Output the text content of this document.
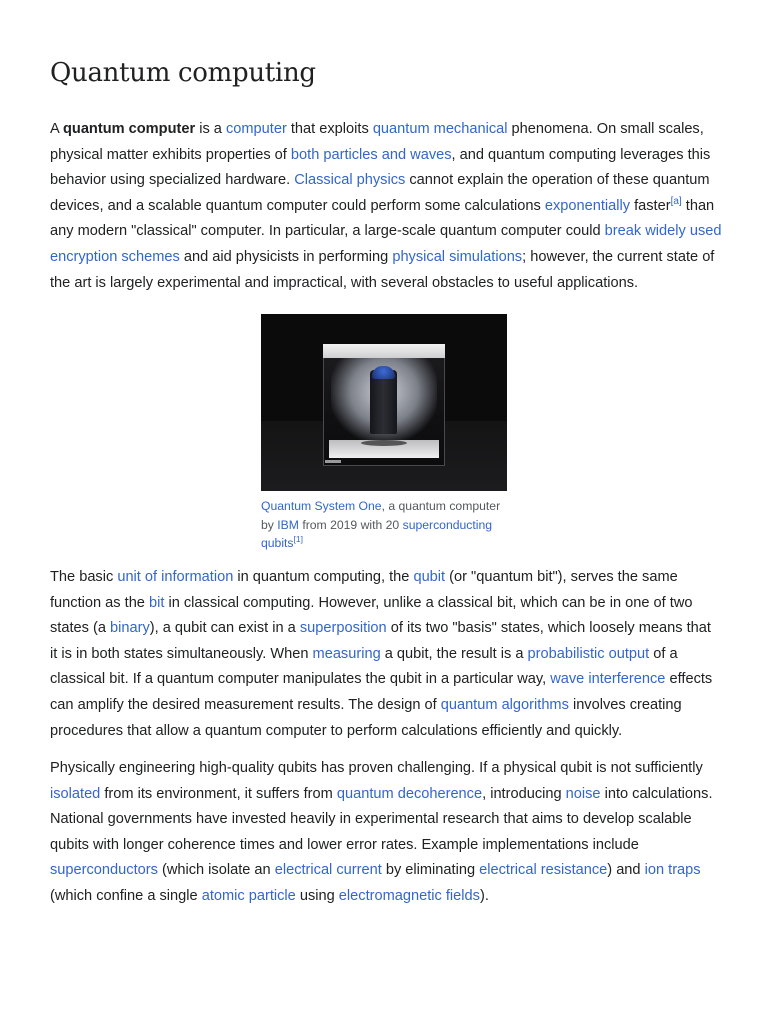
Quantum computing

A quantum computer is a computer that exploits quantum mechanical phenomena. On small scales, physical matter exhibits properties of both particles and waves, and quantum computing leverages this behavior using specialized hardware. Classical physics cannot explain the operation of these quantum devices, and a scalable quantum computer could perform some calculations exponentially faster[a] than any modern "classical" computer. In particular, a large-scale quantum computer could break widely used encryption schemes and aid physicists in performing physical simulations; however, the current state of the art is largely experimental and impractical, with several obstacles to useful applications.

Quantum System One, a quantum computer by IBM from 2019 with 20 superconducting qubits[1]

The basic unit of information in quantum computing, the qubit (or "quantum bit"), serves the same function as the bit in classical computing. However, unlike a classical bit, which can be in one of two states (a binary), a qubit can exist in a superposition of its two "basis" states, which loosely means that it is in both states simultaneously. When measuring a qubit, the result is a probabilistic output of a classical bit. If a quantum computer manipulates the qubit in a particular way, wave interference effects can amplify the desired measurement results. The design of quantum algorithms involves creating procedures that allow a quantum computer to perform calculations efficiently and quickly.

Physically engineering high-quality qubits has proven challenging. If a physical qubit is not sufficiently isolated from its environment, it suffers from quantum decoherence, introducing noise into calculations. National governments have invested heavily in experimental research that aims to develop scalable qubits with longer coherence times and lower error rates. Example implementations include superconductors (which isolate an electrical current by eliminating electrical resistance) and ion traps (which confine a single atomic particle using electromagnetic fields).
